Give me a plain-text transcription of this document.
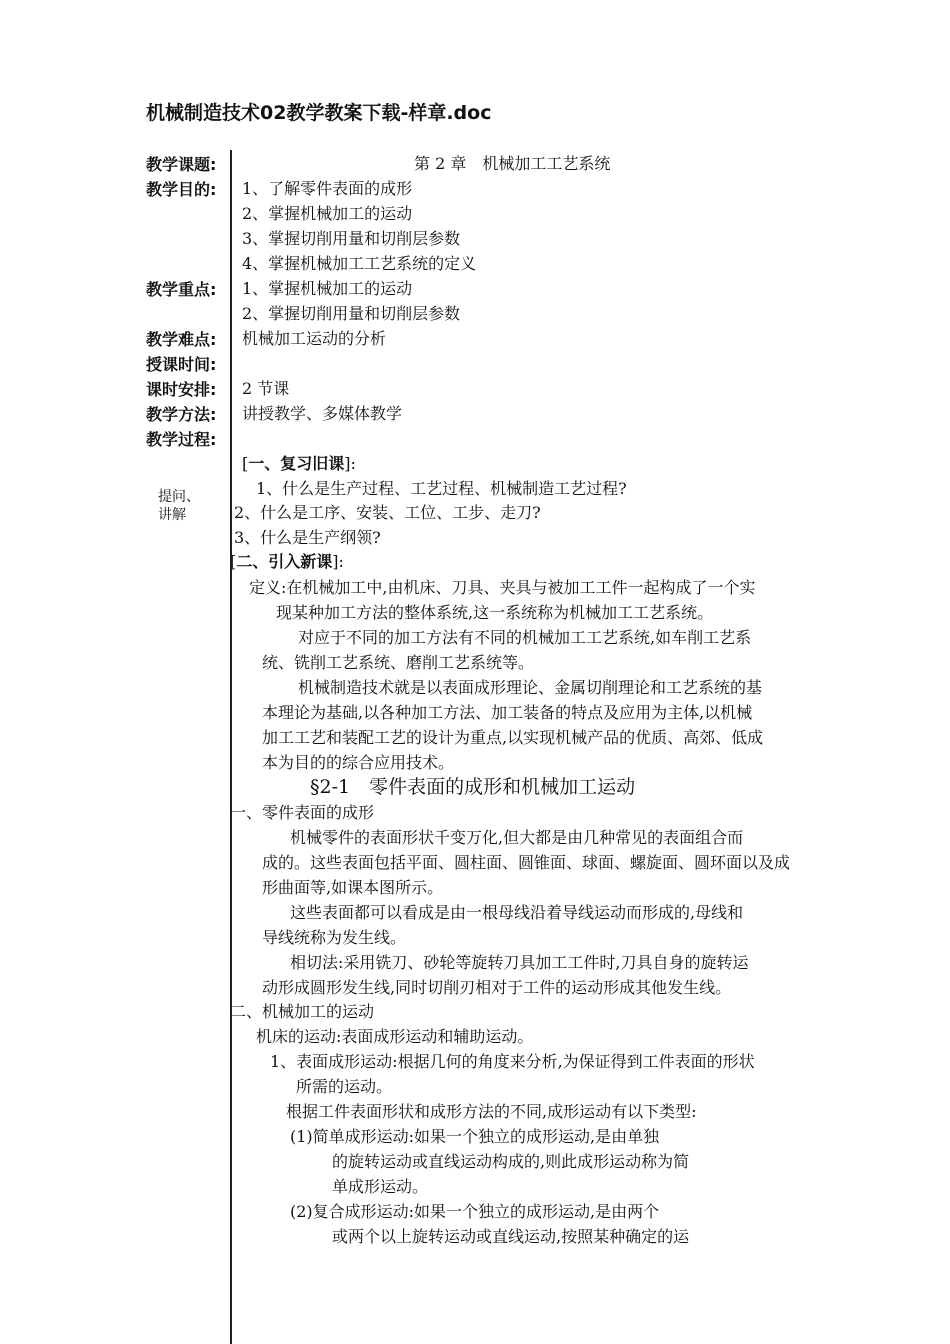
机械制造技术02教学教案下载-样章.doc
教学课题:
教学目的:
教学重点:
教学难点:
授课时间:
课时安排:
教学方法:
教学过程:
第 2 章　机械加工工艺系统
1、了解零件表面的成形
2、掌握机械加工的运动
3、掌握切削用量和切削层参数
4、掌握机械加工工艺系统的定义
1、掌握机械加工的运动
2、掌握切削用量和切削层参数
机械加工运动的分析
2 节课
讲授教学、多媒体教学
提问、讲解
[一、复习旧课]:
1、什么是生产过程、工艺过程、机械制造工艺过程?
2、什么是工序、安装、工位、工步、走刀?
3、什么是生产纲领?
[二、引入新课]:
定义:在机械加工中,由机床、刀具、夹具与被加工工件一起构成了一个实
现某种加工方法的整体系统,这一系统称为机械加工工艺系统。
对应于不同的加工方法有不同的机械加工工艺系统,如车削工艺系
统、铣削工艺系统、磨削工艺系统等。
机械制造技术就是以表面成形理论、金属切削理论和工艺系统的基
本理论为基础,以各种加工方法、加工装备的特点及应用为主体,以机械
加工工艺和装配工艺的设计为重点,以实现机械产品的优质、高郊、低成
本为目的的综合应用技术。
§2-1　零件表面的成形和机械加工运动
一、零件表面的成形
机械零件的表面形状千变万化,但大都是由几种常见的表面组合而
成的。这些表面包括平面、圆柱面、圆锥面、球面、螺旋面、圆环面以及成
形曲面等,如课本图所示。
这些表面都可以看成是由一根母线沿着导线运动而形成的,母线和
导线统称为发生线。
相切法:采用铣刀、砂轮等旋转刀具加工工件时,刀具自身的旋转运
动形成圆形发生线,同时切削刃相对于工件的运动形成其他发生线。
二、机械加工的运动
机床的运动:表面成形运动和辅助运动。
1、表面成形运动:根据几何的角度来分析,为保证得到工件表面的形状
所需的运动。
根据工件表面形状和成形方法的不同,成形运动有以下类型:
(1)简单成形运动:如果一个独立的成形运动,是由单独
的旋转运动或直线运动构成的,则此成形运动称为简
单成形运动。
(2)复合成形运动:如果一个独立的成形运动,是由两个
或两个以上旋转运动或直线运动,按照某种确定的运
